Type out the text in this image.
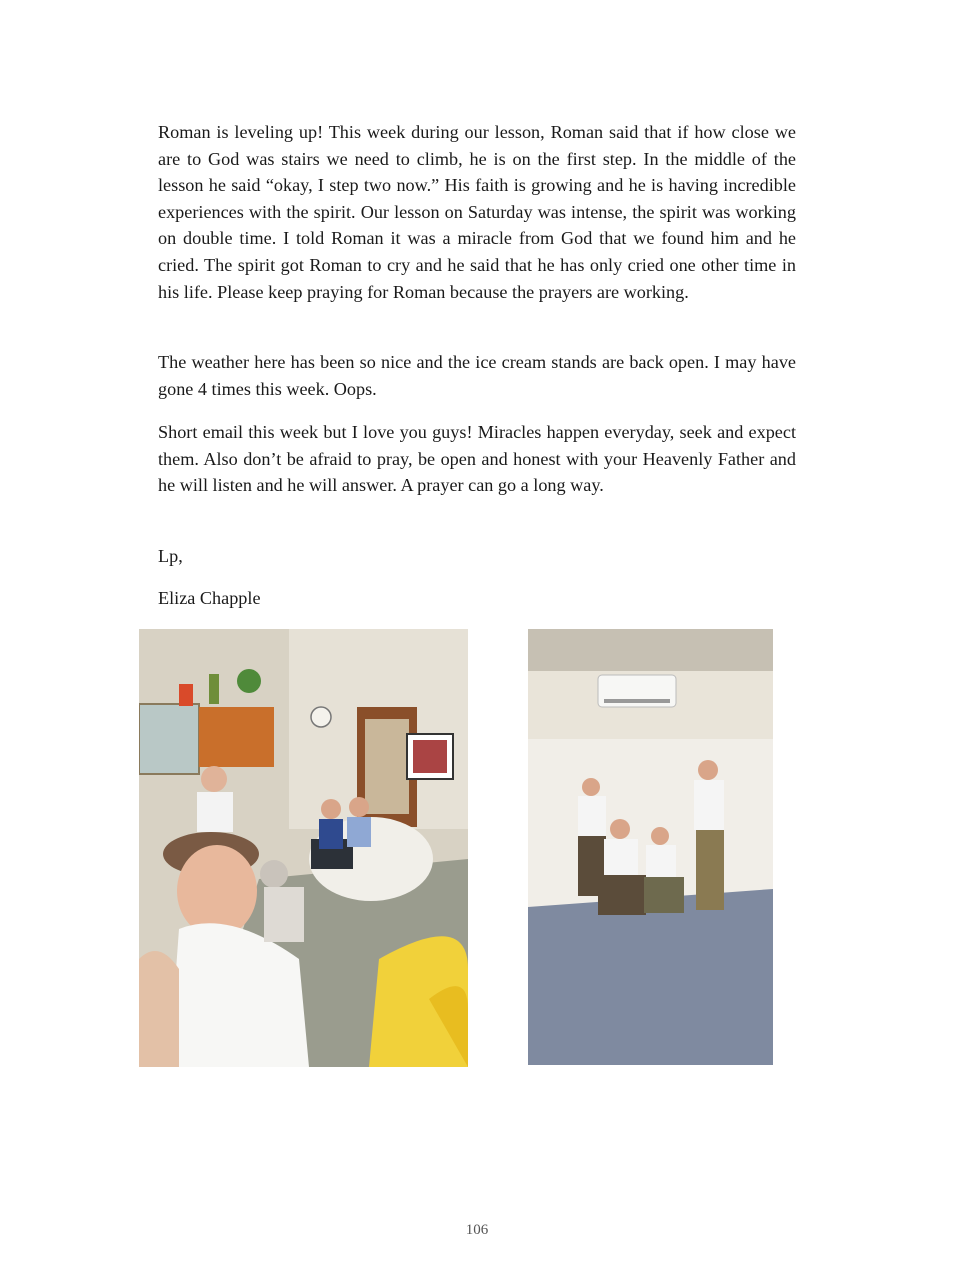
Roman is leveling up! This week during our lesson, Roman said that if how close we are to God was stairs we need to climb, he is on the first step. In the middle of the lesson he said “okay, I step two now.” His faith is growing and he is having incredible experiences with the spirit. Our lesson on Saturday was intense, the spirit was working on double time. I told Roman it was a miracle from God that we found him and he cried. The spirit got Roman to cry and he said that he has only cried one other time in his life. Please keep praying for Roman because the prayers are working.

The weather here has been so nice and the ice cream stands are back open. I may have gone 4 times this week. Oops.

Short email this week but I love you guys! Miracles happen everyday, seek and expect them. Also don’t be afraid to pray, be open and honest with your Heavenly Father and he will listen and he will answer. A prayer can go a long way.

Lp,

Eliza Chapple

106
